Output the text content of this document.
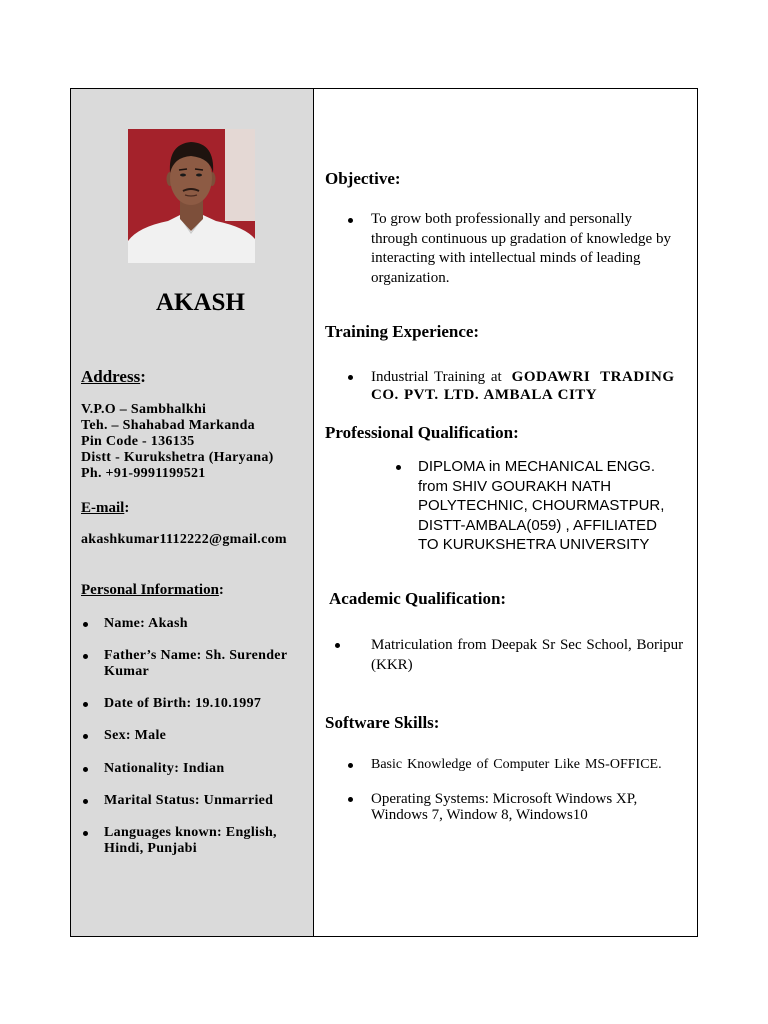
AKASH
Address:
V.P.O – Sambhalkhi
Teh. – Shahabad Markanda
Pin Code - 136135
Distt - Kurukshetra (Haryana)
Ph. +91-9991199521
E-mail:
akashkumar1112222@gmail.com
Personal Information:
Name: Akash
Father’s Name: Sh. Surender Kumar
Date of Birth: 19.10.1997
Sex: Male
Nationality: Indian
Marital Status: Unmarried
Languages known: English, Hindi, Punjabi
Objective:
To grow both professionally and personally
through continuous up gradation of knowledge by
interacting with intellectual minds of leading
organization.
Training Experience:
Industrial Training at GODAWRI TRADING
CO. PVT. LTD. AMBALA CITY
Professional Qualification:
DIPLOMA in MECHANICAL ENGG.
from SHIV GOURAKH NATH
POLYTECHNIC, CHOURMASTPUR,
DISTT-AMBALA(059) , AFFILIATED
TO KURUKSHETRA UNIVERSITY
Academic Qualification:
Matriculation from Deepak Sr Sec School, Boripur
(KKR)
Software Skills:
Basic Knowledge of Computer Like MS-OFFICE.
Operating Systems: Microsoft Windows XP,
Windows 7, Window 8, Windows10
